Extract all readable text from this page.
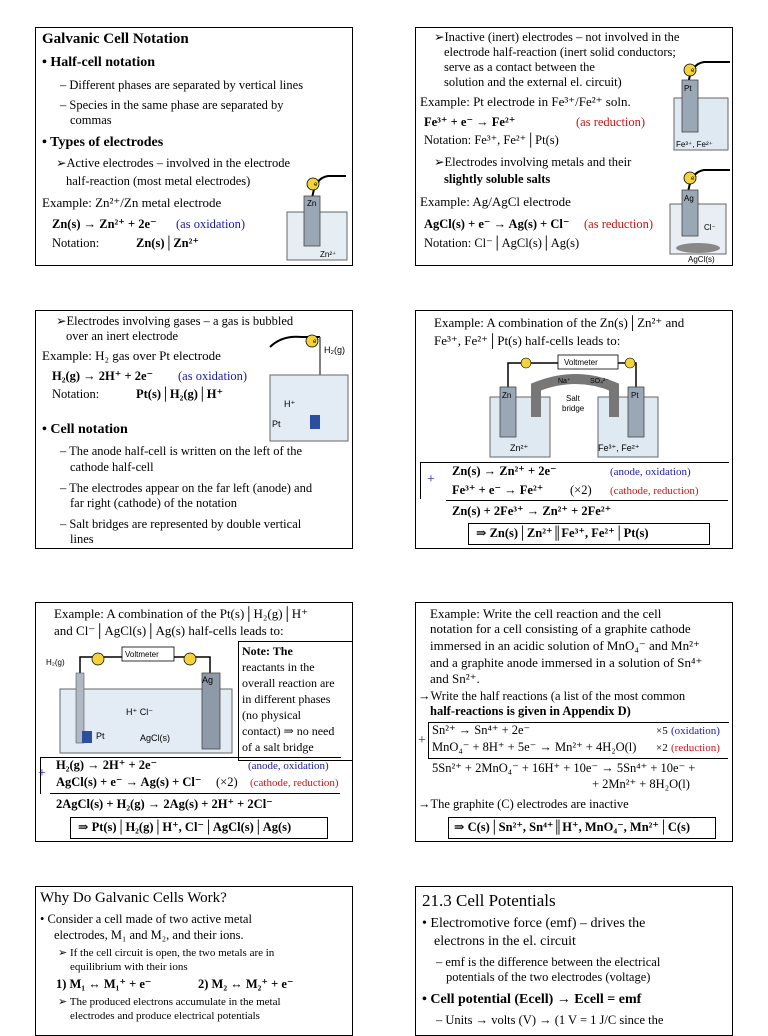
Galvanic Cell Notation
• Half-cell notation
– Different phases are separated by vertical lines
– Species in the same phase are separated by
commas
• Types of electrodes
➢Active electrodes – involved in the electrode
half-reaction (most metal electrodes)
Example: Zn²⁺/Zn metal electrode
Zn(s) → Zn²⁺ + 2e⁻ (as oxidation)
Notation:	Zn(s)│Zn²⁺
Zn
e⁻
Zn²⁺
➢Inactive (inert) electrodes – not involved in the
electrode half-reaction (inert solid conductors;
serve as a contact between the
solution and the external el. circuit)
Example: Pt electrode in Fe³⁺/Fe²⁺ soln.
Fe³⁺ + e⁻ → Fe²⁺	(as reduction)
Notation: Fe³⁺, Fe²⁺│Pt(s)
➢Electrodes involving metals and their
slightly soluble salts
Example: Ag/AgCl electrode
AgCl(s) + e⁻ → Ag(s) + Cl⁻ (as reduction)
Notation: Cl⁻│AgCl(s)│Ag(s)
Pt
e⁻
Fe³⁺, Fe²⁺
Ag
e⁻
Cl⁻
AgCl(s)
➢Electrodes involving gases – a gas is bubbled
over an inert electrode
Example: H₂ gas over Pt electrode
H₂(g) → 2H⁺ + 2e⁻ (as oxidation)
Notation:	Pt(s)│H₂(g)│H⁺
• Cell notation
– The anode half-cell is written on the left of the
cathode half-cell
– The electrodes appear on the far left (anode) and
far right (cathode) of the notation
– Salt bridges are represented by double vertical
lines
H₂(g)
H⁺
Pt
e⁻
Example: A combination of the Zn(s)│Zn²⁺ and
Fe³⁺, Fe²⁺│Pt(s) half-cells leads to:
Voltmeter
Zn	Pt
Na⁺	SO₄²⁻
Salt
bridge
Zn²⁺	Fe³⁺, Fe²⁺
+
Zn(s) → Zn²⁺ + 2e⁻	(anode, oxidation)
Fe³⁺ + e⁻ → Fe²⁺ (×2) (cathode, reduction)
Zn(s) + 2Fe³⁺ → Zn²⁺ + 2Fe²⁺
⇒ Zn(s)│Zn²⁺║Fe³⁺, Fe²⁺│Pt(s)
Example: A combination of the Pt(s)│H₂(g)│H⁺
and Cl⁻│AgCl(s)│Ag(s) half-cells leads to:
Note: The
reactants in the
overall reaction are
in different phases
(no physical
contact) ⇒ no need
of a salt bridge
H₂(g)
Voltmeter
Ag
Pt
H⁺ Cl⁻
AgCl(s)
+
H₂(g) → 2H⁺ + 2e⁻	(anode, oxidation)
AgCl(s) + e⁻ → Ag(s) + Cl⁻ (×2) (cathode, reduction)
2AgCl(s) + H₂(g) → 2Ag(s) + 2H⁺ + 2Cl⁻
⇒ Pt(s)│H₂(g)│H⁺, Cl⁻│AgCl(s)│Ag(s)
Example: Write the cell reaction and the cell
notation for a cell consisting of a graphite cathode
immersed in an acidic solution of MnO₄⁻ and Mn²⁺
and a graphite anode immersed in a solution of Sn⁴⁺
and Sn²⁺.
→Write the half reactions (a list of the most common
half-reactions is given in Appendix D)
+
Sn²⁺ → Sn⁴⁺ + 2e⁻	×5 (oxidation)
MnO₄⁻ + 8H⁺ + 5e⁻ → Mn²⁺ + 4H₂O(l) ×2 (reduction)
5Sn²⁺ + 2MnO₄⁻ + 16H⁺ + 10e⁻ → 5Sn⁴⁺ + 10e⁻ +
+ 2Mn²⁺ + 8H₂O(l)
→The graphite (C) electrodes are inactive
⇒ C(s)│Sn²⁺, Sn⁴⁺║H⁺, MnO₄⁻, Mn²⁺│C(s)
Why Do Galvanic Cells Work?
• Consider a cell made of two active metal
electrodes, M₁ and M₂, and their ions.
➢ If the cell circuit is open, the two metals are in
equilibrium with their ions
1) M₁ ↔ M₁⁺ + e⁻	2) M₂ ↔ M₂⁺ + e⁻
➢ The produced electrons accumulate in the metal
electrodes and produce electrical potentials
21.3 Cell Potentials
• Electromotive force (emf) – drives the
electrons in the el. circuit
– emf is the difference between the electrical
potentials of the two electrodes (voltage)
• Cell potential (Ecell) → Ecell = emf
– Units → volts (V) → (1 V = 1 J/C since the
